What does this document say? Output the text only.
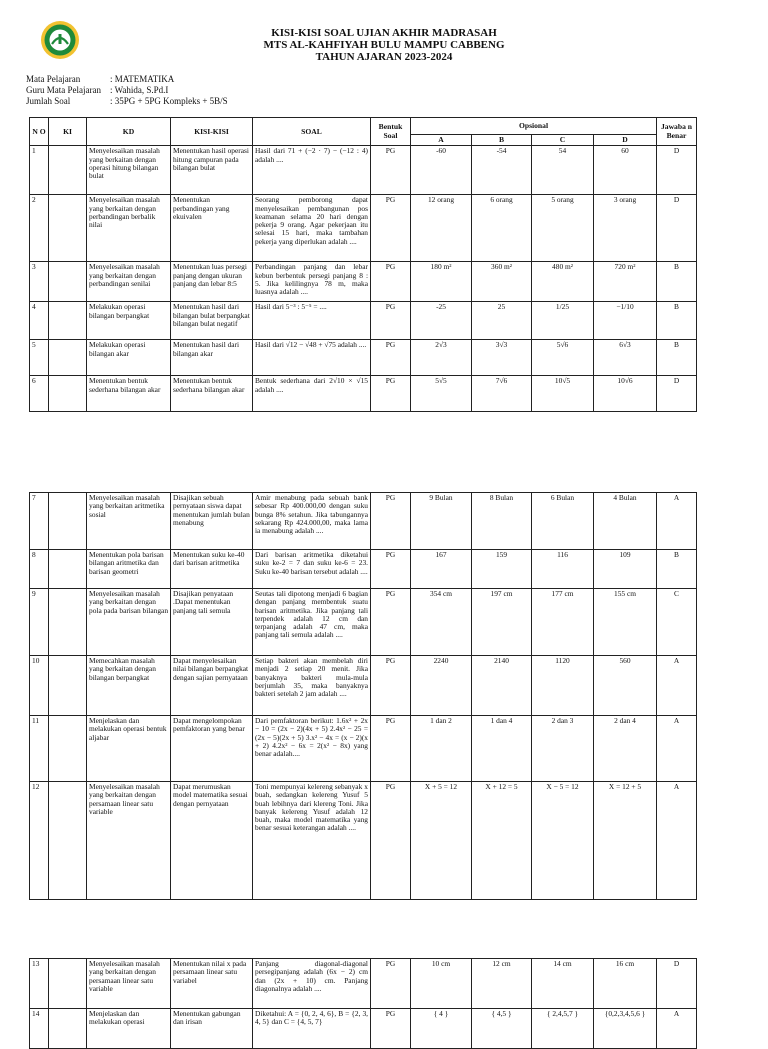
KISI-KISI SOAL UJIAN AKHIR MADRASAH
MTS AL-KAHFIYAH BULU MAMPU CABBENG
TAHUN AJARAN 2023-2024
Mata Pelajaran	: MATEMATIKA
Guru Mata Pelajaran	: Wahida, S.Pd.I
Jumlah Soal	: 35PG + 5PG Kompleks + 5B/S
N O	KI	KD	KISI-KISI	SOAL	Bentuk Soal	Opsional				Jawaba n Benar
						A	B	C	D	
1		Menyelesaikan masalah yang berkaitan dengan operasi hitung bilangan bulat	Menentukan hasil operasi hitung campuran pada bilangan bulat	Hasil dari 71 + (−2 · 7) − (−12 : 4) adalah ....	PG	-60	-54	54	60	D
2		Menyelesaikan masalah yang berkaitan dengan perbandingan berbalik nilai	Menentukan perbandingan yang ekuivalen	Seorang pemborong dapat menyelesaikan pembangunan pos keamanan selama 20 hari dengan pekerja 9 orang. Agar pekerjaan itu selesai 15 hari, maka tambahan pekerja yang diperlukan adalah ....	PG	12 orang	6 orang	5 orang	3 orang	D
3		Menyelesaikan masalah yang berkaitan dengan perbandingan senilai	Menentukan luas persegi panjang dengan ukuran panjang dan lebar 8:5	Perbandingan panjang dan lebar kebun berbentuk persegi panjang 8 : 5. Jika kelilingnya 78 m, maka luasnya adalah ....	PG	180 m²	360 m²	480 m²	720 m²	B
4		Melakukan operasi bilangan berpangkat	Menentukan hasil dari bilangan bulat berpangkat bilangan bulat negatif	Hasil dari 5⁻³ : 5⁻⁵ = ....	PG	-25	25	1/25	−1/10	B
5		Melakukan operasi bilangan akar	Menentukan hasil dari bilangan akar	Hasil dari √12 − √48 + √75 adalah ....	PG	2√3	3√3	5√6	6√3	B
6		Menentukan bentuk sederhana bilangan akar	Menentukan bentuk sederhana bilangan akar	Bentuk sederhana dari 2√10 × √15 adalah ....	PG	5√5	7√6	10√5	10√6	D
7		Menyelesaikan masalah yang berkaitan aritmetika sosial	Disajikan sebuah pernyataan siswa dapat menentukan jumlah bulan menabung	Amir menabung pada sebuah bank sebesar Rp 400.000,00 dengan suku bunga 8% setahun. Jika tabungannya sekarang Rp 424.000,00, maka lama ia menabung adalah ....	PG	9 Bulan	8 Bulan	6 Bulan	4 Bulan	A
8		Menentukan pola barisan bilangan aritmetika dan barisan geometri	Menentukan suku ke-40 dari barisan aritmetika	Dari barisan aritmetika diketahui suku ke-2 = 7 dan suku ke-6 = 23. Suku ke-40 barisan tersebut adalah ....	PG	167	159	116	109	B
9		Menyelesaikan masalah yang berkaitan dengan pola pada barisan bilangan	Disajikan penyataan .Dapat menentukan panjang tali semula	Seutas tali dipotong menjadi 6 bagian dengan panjang membentuk suatu barisan aritmetika. Jika panjang tali terpendek adalah 12 cm dan terpanjang adalah 47 cm, maka panjang tali semula adalah ....	PG	354 cm	197 cm	177 cm	155 cm	C
10		Memecahkan masalah yang berkaitan dengan bilangan berpangkat	Dapat menyelesaikan nilai bilangan berpangkat dengan sajian pernyataan	Setiap bakteri akan membelah diri menjadi 2 setiap 20 menit. Jika banyaknya bakteri mula-mula berjumlah 35, maka banyaknya bakteri setelah 2 jam adalah ....	PG	2240	2140	1120	560	A
11		Menjelaskan dan melakukan operasi bentuk aljabar	Dapat mengelompokan pemfaktoran yang benar	Dari pemfaktoran berikut: 1.6x² + 2x − 10 = (2x − 2)(4x + 5) 2.4x² − 25 = (2x − 5)(2x + 5) 3.x² − 4x = (x − 2)(x + 2) 4.2x² − 6x = 2(x² − 8x) yang benar adalah....	PG	1 dan 2	1 dan 4	2 dan 3	2 dan 4	A
12		Menyelesaikan masalah yang berkaitan dengan persamaan linear satu variable	Dapat merumuskan model matematika sesuai dengan pernyataan	Toni mempunyai kelereng sebanyak x buah, sedangkan kelereng Yusuf 5 buah lebihnya dari klereng Toni. Jika banyak kelereng Yusuf adalah 12 buah, maka model matematika yang benar sesuai keterangan adalah ....	PG	X + 5 = 12	X + 12 = 5	X − 5 = 12	X = 12 + 5	A
13		Menyelesaikan masalah yang berkaitan dengan persamaan linear satu variable	Menentukan nilai x pada persamaan linear satu variabel	Panjang diagonal-diagonal persegipanjang adalah (6x − 2) cm dan (2x + 10) cm. Panjang diagonalnya adalah ....	PG	10 cm	12 cm	14 cm	16 cm	D
14		Menjelaskan dan melakukan operasi	Menentukan gabungan dan irisan	Diketahui: A = {0, 2, 4, 6}, B = {2, 3, 4, 5} dan C = {4, 5, 7}	PG	{ 4 }	{ 4,5 }	{ 2,4,5,7 }	{0,2,3,4,5,6 }	A
